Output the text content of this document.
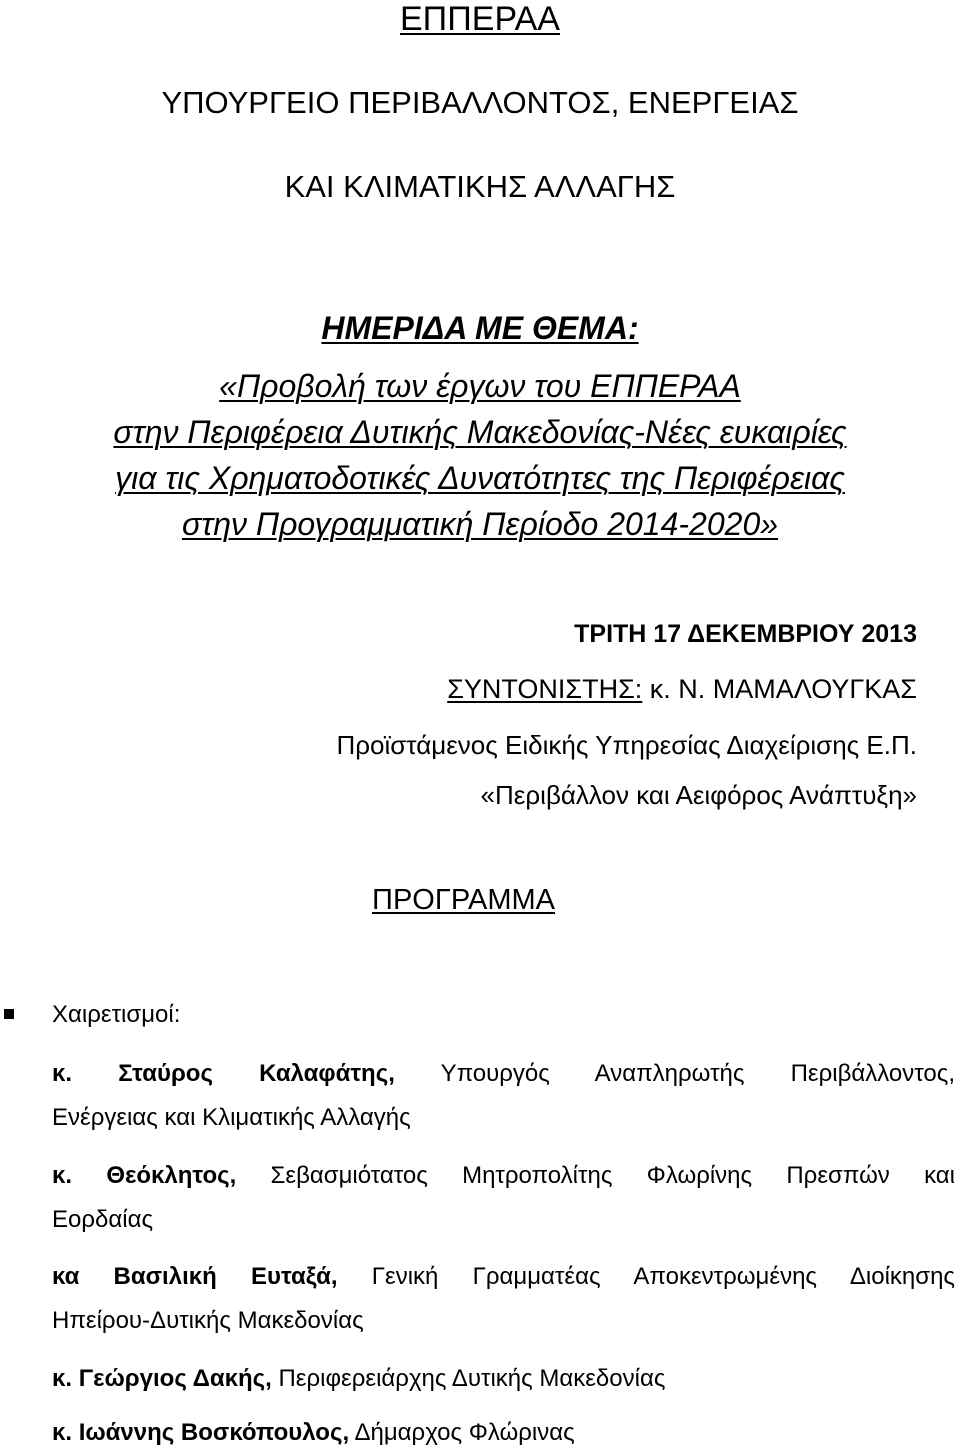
ΕΠΠΕΡΑΑ
ΥΠΟΥΡΓΕΙΟ ΠΕΡΙΒΑΛΛΟΝΤΟΣ, ΕΝΕΡΓΕΙΑΣ
ΚΑΙ ΚΛΙΜΑΤΙΚΗΣ ΑΛΛΑΓΗΣ
ΗΜΕΡΙΔΑ ΜΕ ΘΕΜΑ:
«Προβολή των έργων του ΕΠΠΕΡΑΑ
στην Περιφέρεια Δυτικής Μακεδονίας-Νέες ευκαιρίες
για τις Χρηματοδοτικές Δυνατότητες της Περιφέρειας
στην Προγραμματική Περίοδο 2014-2020»
ΤΡΙΤΗ 17 ΔΕΚΕΜΒΡΙΟΥ 2013
ΣΥΝΤΟΝΙΣΤΗΣ: κ. Ν. ΜΑΜΑΛΟΥΓΚΑΣ
Προϊστάμενος Ειδικής Υπηρεσίας Διαχείρισης Ε.Π.
«Περιβάλλον και Αειφόρος Ανάπτυξη»
ΠΡΟΓΡΑΜΜΑ
Χαιρετισμοί:
κ. Σταύρος Καλαφάτης, Υπουργός Αναπληρωτής Περιβάλλοντος,
Ενέργειας και Κλιματικής Αλλαγής
κ. Θεόκλητος, Σεβασμιότατος Μητροπολίτης Φλωρίνης Πρεσπών και
Εορδαίας
κα Βασιλική Ευταξά, Γενική Γραμματέας Αποκεντρωμένης Διοίκησης
Ηπείρου-Δυτικής Μακεδονίας
κ. Γεώργιος Δακής, Περιφερειάρχης Δυτικής Μακεδονίας
κ. Ιωάννης Βοσκόπουλος, Δήμαρχος Φλώρινας
